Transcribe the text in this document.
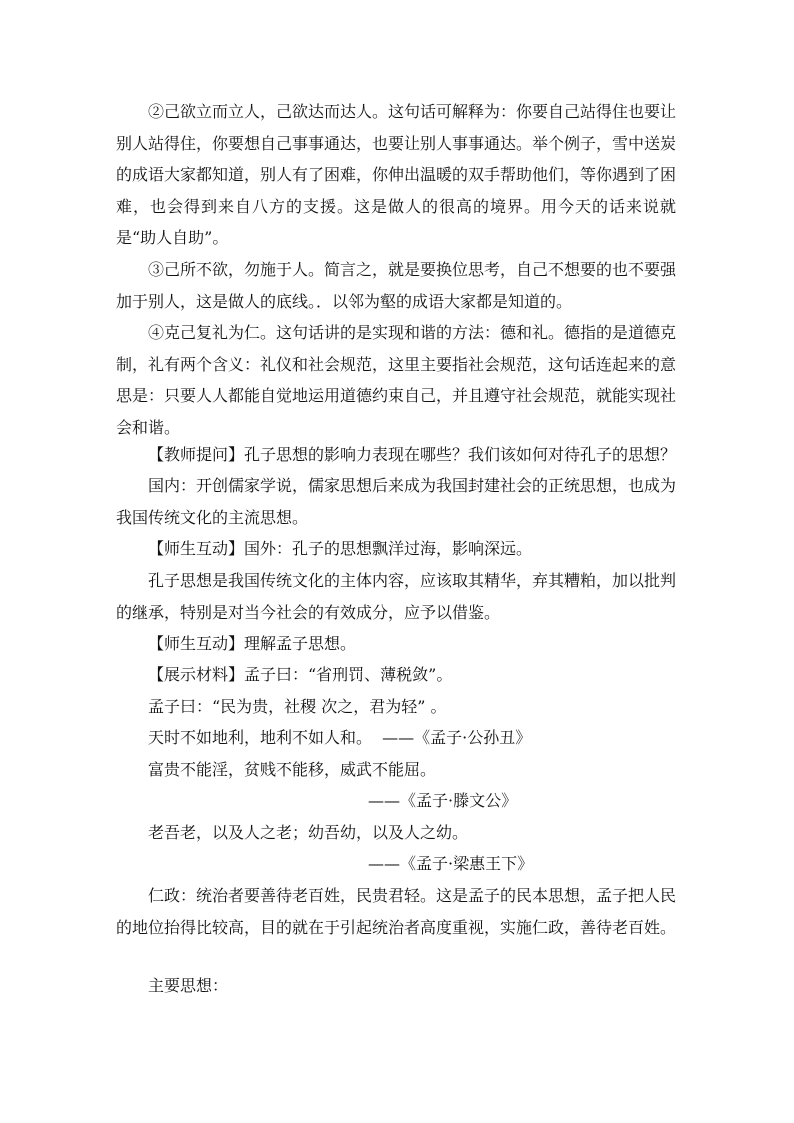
②己欲立而立人，己欲达而达人。这句话可解释为：你要自己站得住也要让别人站得住，你要想自己事事通达，也要让别人事事通达。举个例子，雪中送炭的成语大家都知道，别人有了困难，你伸出温暖的双手帮助他们，等你遇到了困难，也会得到来自八方的支援。这是做人的很高的境界。用今天的话来说就是“助人自助”。
③己所不欲，勿施于人。简言之，就是要换位思考，自己不想要的也不要强加于别人，这是做人的底线。．以邻为壑的成语大家都是知道的。
④克己复礼为仁。这句话讲的是实现和谐的方法：德和礼。德指的是道德克制，礼有两个含义：礼仪和社会规范，这里主要指社会规范，这句话连起来的意思是：只要人人都能自觉地运用道德约束自己，并且遵守社会规范，就能实现社会和谐。
【教师提问】孔子思想的影响力表现在哪些？我们该如何对待孔子的思想？
国内：开创儒家学说，儒家思想后来成为我国封建社会的正统思想，也成为我国传统文化的主流思想。
【师生互动】国外：孔子的思想飘洋过海，影响深远。
孔子思想是我国传统文化的主体内容，应该取其精华，弃其糟粕，加以批判的继承，特别是对当今社会的有效成分，应予以借鉴。
【师生互动】理解孟子思想。
【展示材料】孟子曰：“省刑罚、薄税敛”。
孟子曰：“民为贵，社稷 次之，君为轻” 。
天时不如地利，地利不如人和。  ——《孟子·公孙丑》
富贵不能淫，贫贱不能移，威武不能屈。
——《孟子·滕文公》
老吾老，以及人之老；幼吾幼，以及人之幼。
——《孟子·梁惠王下》
仁政：统治者要善待老百姓，民贵君轻。这是孟子的民本思想，孟子把人民的地位抬得比较高，目的就在于引起统治者高度重视，实施仁政，善待老百姓。
主要思想：
